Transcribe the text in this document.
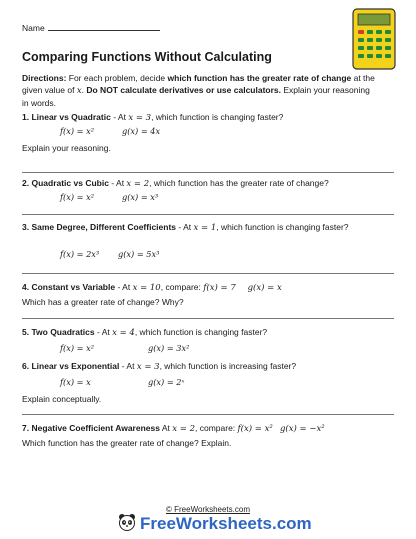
Name
Comparing Functions Without Calculating
Directions: For each problem, decide which function has the greater rate of change at the given value of x. Do NOT calculate derivatives or use calculators. Explain your reasoning in words.
1. Linear vs Quadratic - At x = 3, which function is changing faster?
f(x) = x²	g(x) = 4x
Explain your reasoning.
2. Quadratic vs Cubic - At x = 2, which function has the greater rate of change?
f(x) = x²	g(x) = x³
3. Same Degree, Different Coefficients - At x = 1, which function is changing faster?
f(x) = 2x³ g(x) = 5x³
4. Constant vs Variable - At x = 10, compare: f(x) = 7 g(x) = x
Which has a greater rate of change? Why?
5. Two Quadratics - At x = 4, which function is changing faster?
f(x) = x²	g(x) = 3x²
6. Linear vs Exponential - At x = 3, which function is increasing faster?
f(x) = x	g(x) = 2ˣ
Explain conceptually.
7. Negative Coefficient Awareness At x = 2, compare: f(x) = x² g(x) = −x²
Which function has the greater rate of change? Explain.
© FreeWorksheets.com
FreeWorksheets.com
